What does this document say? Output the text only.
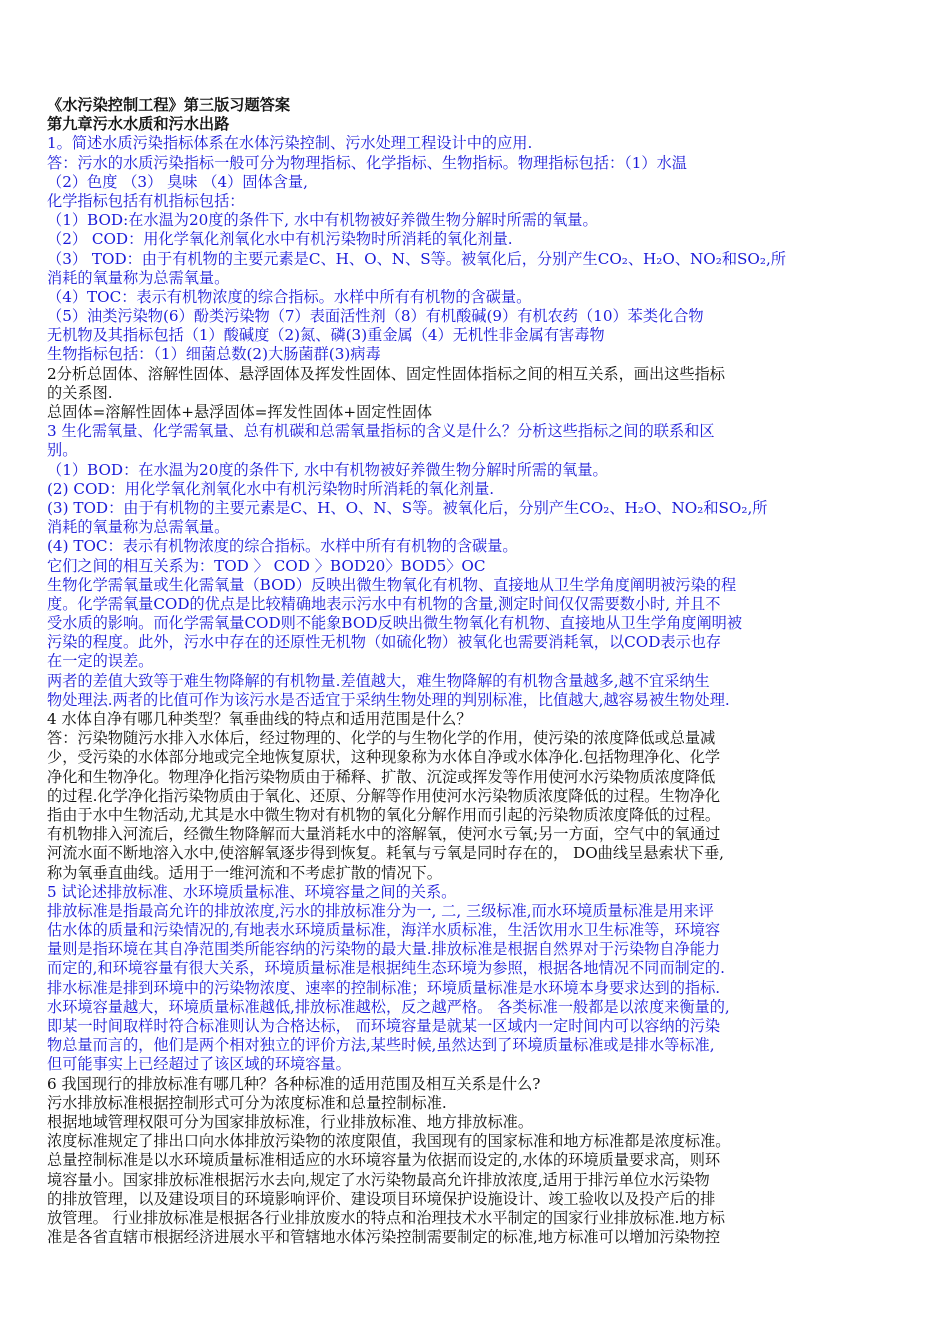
《水污染控制工程》第三版习题答案
第九章污水水质和污水出路
1。简述水质污染指标体系在水体污染控制、污水处理工程设计中的应用.
答：污水的水质污染指标一般可分为物理指标、化学指标、生物指标。物理指标包括：（1）水温
（2）色度 （3） 臭味 （4）固体含量,
化学指标包括有机指标包括：
（1）BOD:在水温为20度的条件下, 水中有机物被好养微生物分解时所需的氧量。
（2） COD：用化学氧化剂氧化水中有机污染物时所消耗的氧化剂量.
（3） TOD：由于有机物的主要元素是C、H、O、N、S等。被氧化后，分别产生CO₂、H₂O、NO₂和SO₂,所
消耗的氧量称为总需氧量。
（4）TOC：表示有机物浓度的综合指标。水样中所有有机物的含碳量。
（5）油类污染物(6）酚类污染物（7）表面活性剂（8）有机酸碱(9）有机农药（10）苯类化合物
无机物及其指标包括（1）酸碱度（2)氮、磷(3)重金属（4）无机性非金属有害毒物
生物指标包括：（1）细菌总数(2)大肠菌群(3)病毒
2分析总固体、溶解性固体、悬浮固体及挥发性固体、固定性固体指标之间的相互关系，画出这些指标
的关系图.
总固体=溶解性固体+悬浮固体=挥发性固体+固定性固体
3 生化需氧量、化学需氧量、总有机碳和总需氧量指标的含义是什么？分析这些指标之间的联系和区
别。
（1）BOD：在水温为20度的条件下, 水中有机物被好养微生物分解时所需的氧量。
(2) COD：用化学氧化剂氧化水中有机污染物时所消耗的氧化剂量.
(3) TOD：由于有机物的主要元素是C、H、O、N、S等。被氧化后，分别产生CO₂、H₂O、NO₂和SO₂,所
消耗的氧量称为总需氧量。
(4) TOC：表示有机物浓度的综合指标。水样中所有有机物的含碳量。
它们之间的相互关系为：TOD 〉 COD 〉BOD20〉BOD5〉OC
生物化学需氧量或生化需氧量（BOD）反映出微生物氧化有机物、直接地从卫生学角度阐明被污染的程
度。化学需氧量COD的优点是比较精确地表示污水中有机物的含量,测定时间仅仅需要数小时, 并且不
受水质的影响。而化学需氧量COD则不能象BOD反映出微生物氧化有机物、直接地从卫生学角度阐明被
污染的程度。此外，污水中存在的还原性无机物（如硫化物）被氧化也需要消耗氧，以COD表示也存
在一定的误差。
两者的差值大致等于难生物降解的有机物量.差值越大，难生物降解的有机物含量越多,越不宜采纳生
物处理法.两者的比值可作为该污水是否适宜于采纳生物处理的判别标准，比值越大,越容易被生物处理.
4 水体自净有哪几种类型？氧垂曲线的特点和适用范围是什么？
答：污染物随污水排入水体后，经过物理的、化学的与生物化学的作用，使污染的浓度降低或总量减
少，受污染的水体部分地或完全地恢复原状，这种现象称为水体自净或水体净化.包括物理净化、化学
净化和生物净化。物理净化指污染物质由于稀释、扩散、沉淀或挥发等作用使河水污染物质浓度降低
的过程.化学净化指污染物质由于氧化、还原、分解等作用使河水污染物质浓度降低的过程。生物净化
指由于水中生物活动,尤其是水中微生物对有机物的氧化分解作用而引起的污染物质浓度降低的过程。
有机物排入河流后，经微生物降解而大量消耗水中的溶解氧，使河水亏氧;另一方面，空气中的氧通过
河流水面不断地溶入水中,使溶解氧逐步得到恢复。耗氧与亏氧是同时存在的， DO曲线呈悬索状下垂,
称为氧垂直曲线。适用于一维河流和不考虑扩散的情况下。
5 试论述排放标准、水环境质量标准、环境容量之间的关系。
排放标准是指最高允许的排放浓度,污水的排放标准分为一, 二, 三级标准,而水环境质量标准是用来评
估水体的质量和污染情况的,有地表水环境质量标准，海洋水质标准，生活饮用水卫生标准等，环境容
量则是指环境在其自净范围类所能容纳的污染物的最大量.排放标准是根据自然界对于污染物自净能力
而定的,和环境容量有很大关系，环境质量标准是根据纯生态环境为参照，根据各地情况不同而制定的.
排水标准是排到环境中的污染物浓度、速率的控制标准；环境质量标准是水环境本身要求达到的指标.
水环境容量越大，环境质量标准越低,排放标准越松，反之越严格。 各类标准一般都是以浓度来衡量的,
即某一时间取样时符合标准则认为合格达标， 而环境容量是就某一区域内一定时间内可以容纳的污染
物总量而言的，他们是两个相对独立的评价方法,某些时候,虽然达到了环境质量标准或是排水等标准,
但可能事实上已经超过了该区域的环境容量。
6 我国现行的排放标准有哪几种？各种标准的适用范围及相互关系是什么?
污水排放标准根据控制形式可分为浓度标准和总量控制标准.
根据地域管理权限可分为国家排放标准，行业排放标准、地方排放标准。
浓度标准规定了排出口向水体排放污染物的浓度限值，我国现有的国家标准和地方标准都是浓度标准。
总量控制标准是以水环境质量标准相适应的水环境容量为依据而设定的,水体的环境质量要求高，则环
境容量小。国家排放标准根据污水去向,规定了水污染物最高允许排放浓度,适用于排污单位水污染物
的排放管理，以及建设项目的环境影响评价、建设项目环境保护设施设计、竣工验收以及投产后的排
放管理。 行业排放标准是根据各行业排放废水的特点和治理技术水平制定的国家行业排放标准.地方标
准是各省直辖市根据经济进展水平和管辖地水体污染控制需要制定的标准,地方标准可以增加污染物控
